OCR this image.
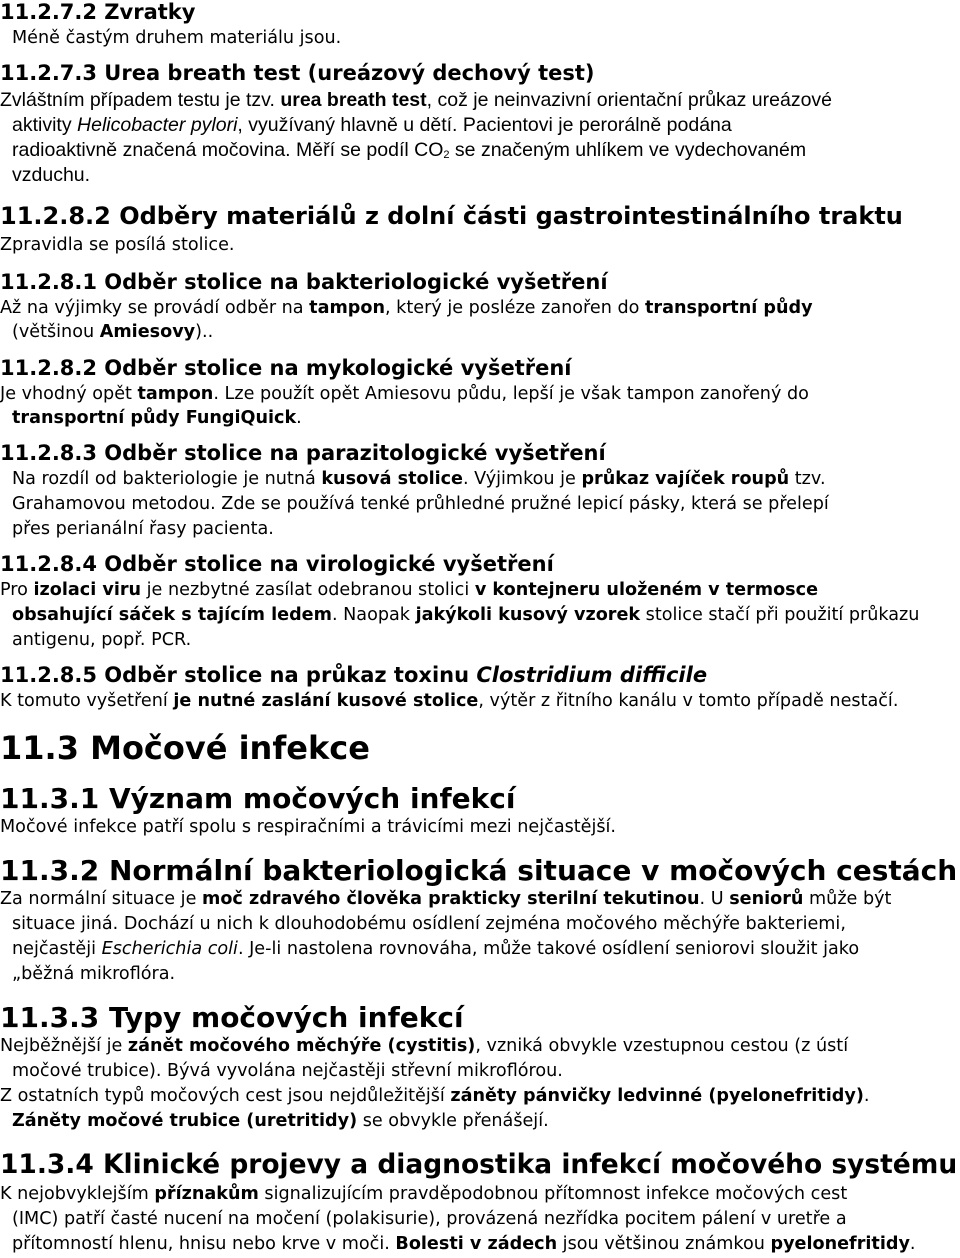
11.2.7.2 Zvratky
Méně častým druhem materiálu jsou.
11.2.7.3 Urea breath test (ureázový dechový test)
Zvláštním případem testu je tzv. urea breath test, což je neinvazivní orientační průkaz ureázové
aktivity Helicobacter pylori, využívaný hlavně u dětí. Pacientovi je perorálně podána
radioaktivně značená močovina. Měří se podíl $CO_2$ se značeným uhlíkem ve vydechovaném
vzduchu.
11.2.8.2 Odběry materiálů z dolní části gastrointestinálního traktu
Zpravidla se posílá stolice.
11.2.8.1 Odběr stolice na bakteriologické vyšetření
Až na výjimky se provádí odběr na tampon, který je posléze zanořen do transportní půdy
(většinou Amiesovy)..
11.2.8.2 Odběr stolice na mykologické vyšetření
Je vhodný opět tampon. Lze použít opět Amiesovu půdu, lepší je však tampon zanořený do
transportní půdy FungiQuick.
11.2.8.3 Odběr stolice na parazitologické vyšetření
Na rozdíl od bakteriologie je nutná kusová stolice. Výjimkou je průkaz vajíček roupů tzv.
Grahamovou metodou. Zde se používá tenké průhledné pružné lepicí pásky, která se přelepí
přes perianální řasy pacienta.
11.2.8.4 Odběr stolice na virologické vyšetření
Pro izolaci viru je nezbytné zasílat odebranou stolici v kontejneru uloženém v termosce
obsahující sáček s tajícím ledem. Naopak jakýkoli kusový vzorek stolice stačí při použití průkazu
antigenu, popř. PCR.
11.2.8.5 Odběr stolice na průkaz toxinu Clostridium difficile
K tomuto vyšetření je nutné zaslání kusové stolice, výtěr z řitního kanálu v tomto případě nestačí.
11.3 Močové infekce
11.3.1 Význam močových infekcí
Močové infekce patří spolu s respiračními a trávicími mezi nejčastější.
11.3.2 Normální bakteriologická situace v močových cestách
Za normální situace je moč zdravého člověka prakticky sterilní tekutinou. U seniorů může být
situace jiná. Dochází u nich k dlouhodobému osídlení zejména močového měchýře bakteriemi,
nejčastěji Escherichia coli. Je-li nastolena rovnováha, může takové osídlení seniorovi sloužit jako
„běžná mikroflóra.
11.3.3 Typy močových infekcí
Nejběžnější je zánět močového měchýře (cystitis), vzniká obvykle vzestupnou cestou (z ústí
močové trubice). Bývá vyvolána nejčastěji střevní mikroflórou.
Z ostatních typů močových cest jsou nejdůležitější záněty pánvičky ledvinné (pyelonefritidy).
Záněty močové trubice (uretritidy) se obvykle přenášejí.
11.3.4 Klinické projevy a diagnostika infekcí močového systému
K nejobvyklejším příznakům signalizujícím pravděpodobnou přítomnost infekce močových cest
(IMC) patří časté nucení na močení (polakisurie), provázená nezřídka pocitem pálení v uretře a
přítomností hlenu, hnisu nebo krve v moči. Bolesti v zádech jsou většinou známkou pyelonefritidy.
